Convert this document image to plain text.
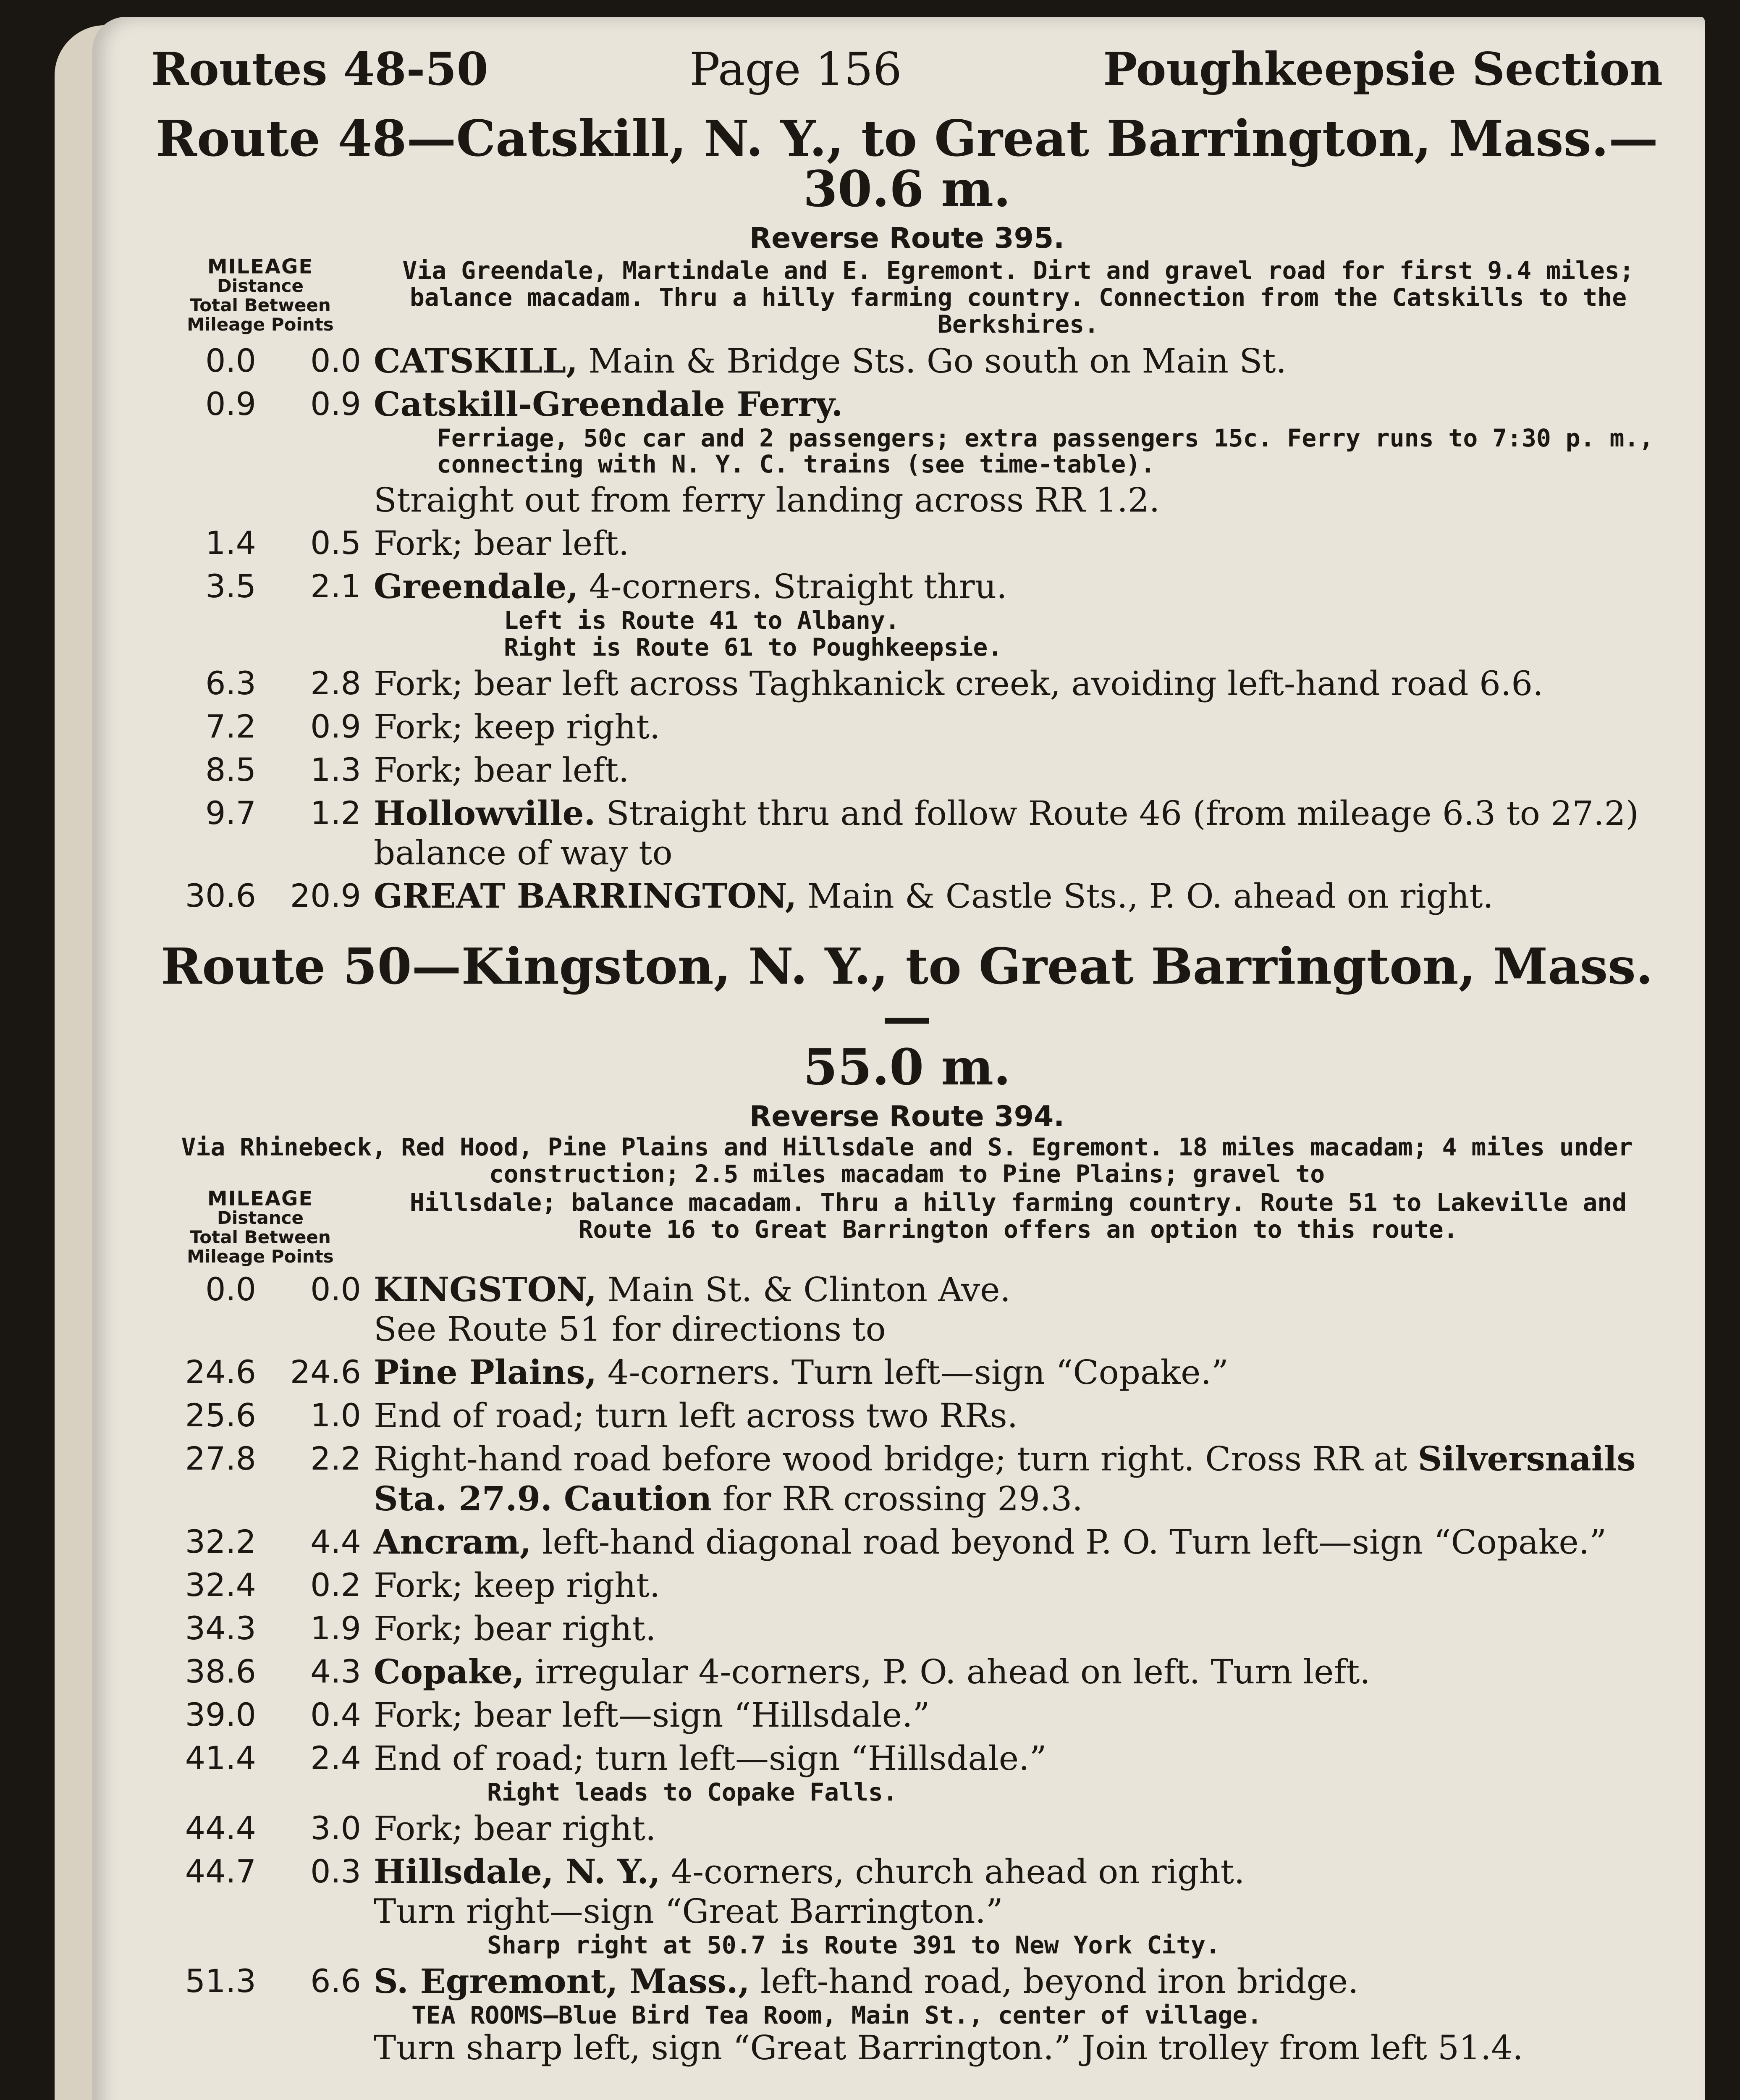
Routes 48-50	Page 156	Poughkeepsie Section
Route 48—Catskill, N. Y., to Great Barrington, Mass.—
30.6 m.
Reverse Route 395.
MILEAGE
Distance
Total Between
Mileage Points
Via Greendale, Martindale and E. Egremont. Dirt and gravel road for first 9.4 miles; balance macadam. Thru a hilly farming country. Connection from the Catskills to the Berkshires.
0.0	0.0 CATSKILL, Main & Bridge Sts. Go south on Main St.
0.9	0.9 Catskill-Greendale Ferry.
Ferriage, 50c car and 2 passengers; extra passengers 15c. Ferry runs to 7:30 p. m., connecting with N. Y. C. trains (see time-table).
Straight out from ferry landing across RR 1.2.
1.4	0.5 Fork; bear left.
3.5	2.1 Greendale, 4-corners. Straight thru.
Left is Route 41 to Albany.
Right is Route 61 to Poughkeepsie.
6.3	2.8 Fork; bear left across Taghkanick creek, avoiding left-hand road 6.6.
7.2	0.9 Fork; keep right.
8.5	1.3 Fork; bear left.
9.7	1.2 Hollowville. Straight thru and follow Route 46 (from mileage 6.3 to 27.2) balance of way to
30.6	20.9 GREAT BARRINGTON, Main & Castle Sts., P. O. ahead on right.
Route 50—Kingston, N. Y., to Great Barrington, Mass.—
55.0 m.
Reverse Route 394.
Via Rhinebeck, Red Hood, Pine Plains and Hillsdale and S. Egremont. 18 miles macadam; 4 miles under construction; 2.5 miles macadam to Pine Plains; gravel to
MILEAGE
Distance
Total Between
Mileage Points
Hillsdale; balance macadam. Thru a hilly farming country. Route 51 to Lakeville and Route 16 to Great Barrington offers an option to this route.
0.0	0.0 KINGSTON, Main St. & Clinton Ave.
See Route 51 for directions to
24.6	24.6 Pine Plains, 4-corners. Turn left—sign “Copake.”
25.6	1.0 End of road; turn left across two RRs.
27.8	2.2 Right-hand road before wood bridge; turn right. Cross RR at Silversnails Sta. 27.9. Caution for RR crossing 29.3.
32.2	4.4 Ancram, left-hand diagonal road beyond P. O. Turn left—sign “Copake.”
32.4	0.2 Fork; keep right.
34.3	1.9 Fork; bear right.
38.6	4.3 Copake, irregular 4-corners, P. O. ahead on left. Turn left.
39.0	0.4 Fork; bear left—sign “Hillsdale.”
41.4	2.4 End of road; turn left—sign “Hillsdale.”
Right leads to Copake Falls.
44.4	3.0 Fork; bear right.
44.7	0.3 Hillsdale, N. Y., 4-corners, church ahead on right.
Turn right—sign “Great Barrington.”
Sharp right at 50.7 is Route 391 to New York City.
51.3	6.6 S. Egremont, Mass., left-hand road, beyond iron bridge.
TEA ROOMS—Blue Bird Tea Room, Main St., center of village.
Turn sharp left, sign “Great Barrington.” Join trolley from left 51.4.
